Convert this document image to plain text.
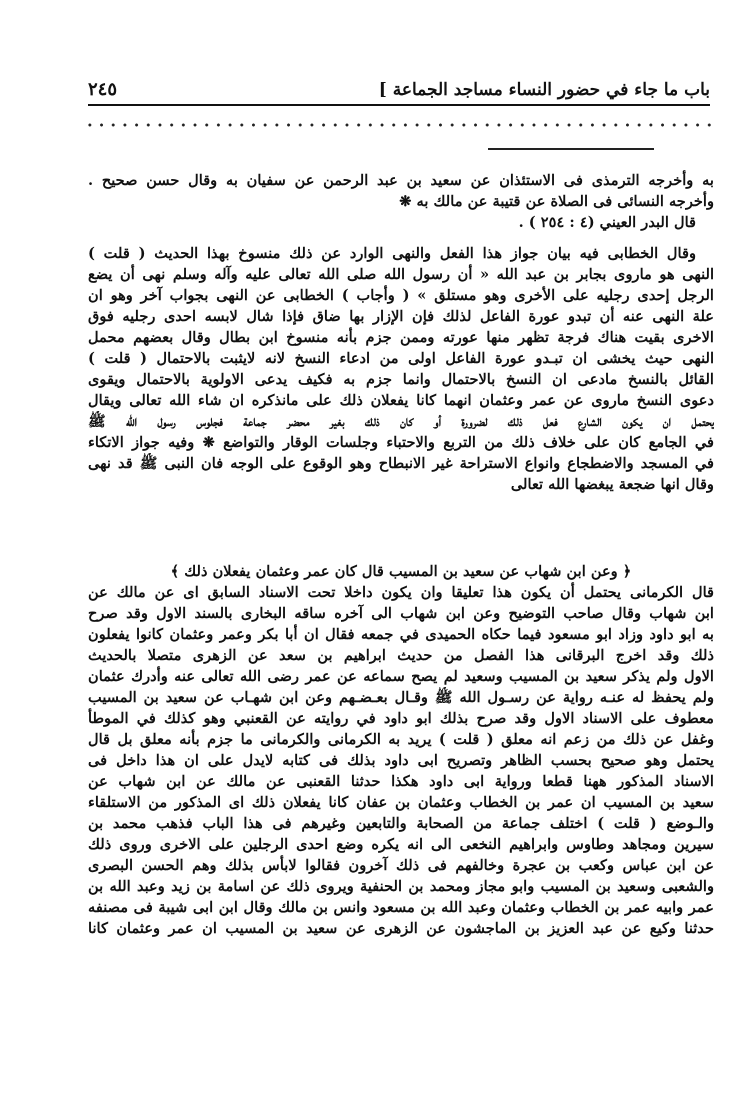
باب ما جاء في حضور النساء مساجد الجماعة ]
٢٤٥
به وأخرجه الترمذى فى الاستئذان عن سعيد بن عبد الرحمن عن سفيان به وقال حسن صحيح .
وأخرجه النسائى فى الصلاة عن قتيبة عن مالك به ❋
قال البدر العيني (٤ : ٢٥٤ ) .
وقال الخطابى فيه بيان جواز هذا الفعل والنهى الوارد عن ذلك منسوخ بهذا الحديث ( قلت )
النهى هو ماروى بجابر بن عبد الله « أن رسول الله صلى الله تعالى عليه وآله وسلم نهى أن يضع
الرجل إحدى رجليه على الأخرى وهو مستلق » ( وأجاب ) الخطابى عن النهى بجواب آخر وهو ان
علة النهى عنه أن تبدو عورة الفاعل لذلك فإن الإزار بها ضاق فإذا شال لابسه احدى رجليه فوق
الاخرى بقيت هناك فرجة تظهر منها عورته وممن جزم بأنه منسوخ ابن بطال وقال بعضهم محمل
النهى حيث يخشى ان تبـدو عورة الفاعل اولى من ادعاء النسخ لانه لايثبت بالاحتمال ( قلت )
القائل بالنسخ مادعى ان النسخ بالاحتمال وانما جزم به فكيف يدعى الاولوية بالاحتمال ويقوى
دعوى النسخ ماروى عن عمر وعثمان انهما كانا يفعلان ذلك على مانذكره ان شاء الله تعالى ويقال
يحتمل ان يكون الشارع فعل ذلك لضرورة أو كان ذلك بغير محضر جماعة فجلوس رسول الله ﷺ
في الجامع كان على خلاف ذلك من التربع والاحتباء وجلسات الوقار والتواضع ❋ وفيه جواز الاتكاء
في المسجد والاضطجاع وانواع الاستراحة غير الانبطاح وهو الوقوع على الوجه فان النبى ﷺ قد نهى
وقال انها ضجعة يبغضها الله تعالى
﴿ وعن ابن شهاب عن سعيد بن المسيب قال كان عمر وعثمان يفعلان ذلك ﴾
قال الكرمانى يحتمل أن يكون هذا تعليقا وان يكون داخلا تحت الاسناد السابق اى عن مالك عن
ابن شهاب وقال صاحب التوضيح وعن ابن شهاب الى آخره ساقه البخارى بالسند الاول وقد صرح
به ابو داود وزاد ابو مسعود فيما حكاه الحميدى في جمعه فقال ان أبا بكر وعمر وعثمان كانوا يفعلون
ذلك وقد اخرج البرقانى هذا الفصل من حديث ابراهيم بن سعد عن الزهرى متصلا بالحديث
الاول ولم يذكر سعيد بن المسيب وسعيد لم يصح سماعه عن عمر رضى الله تعالى عنه وأدرك عثمان
ولم يحفظ له عنـه رواية عن رسـول الله ﷺ وقـال بعـضـهم وعن ابن شهـاب عن سعيد بن المسيب
معطوف على الاسناد الاول وقد صرح بذلك ابو داود في روايته عن القعنبي وهو كذلك في الموطأ
وغفل عن ذلك من زعم انه معلق ( قلت ) يريد به الكرمانى والكرمانى ما جزم بأنه معلق بل قال
يحتمل وهو صحيح بحسب الظاهر وتصريح ابى داود بذلك فى كتابه لايدل على ان هذا داخل فى
الاسناد المذكور ههنا قطعا ورواية ابى داود هكذا حدثنا القعنبى عن مالك عن ابن شهاب عن
سعيد بن المسيب ان عمر بن الخطاب وعثمان بن عفان كانا يفعلان ذلك اى المذكور من الاستلقاء
والـوضع ( قلت ) اختلف جماعة من الصحابة والتابعين وغيرهم فى هذا الباب فذهب محمد بن
سيرين ومجاهد وطاوس وابراهيم النخعى الى انه يكره وضع احدى الرجلين على الاخرى وروى ذلك
عن ابن عباس وكعب بن عجرة وخالفهم فى ذلك آخرون فقالوا لابأس بذلك وهم الحسن البصرى
والشعبى وسعيد بن المسيب وابو مجاز ومحمد بن الحنفية ويروى ذلك عن اسامة بن زيد وعبد الله بن
عمر وابيه عمر بن الخطاب وعثمان وعبد الله بن مسعود وانس بن مالك وقال ابن ابى شيبة فى مصنفه
حدثنا وكيع عن عبد العزيز بن الماجشون عن الزهرى عن سعيد بن المسيب ان عمر وعثمان كانا
